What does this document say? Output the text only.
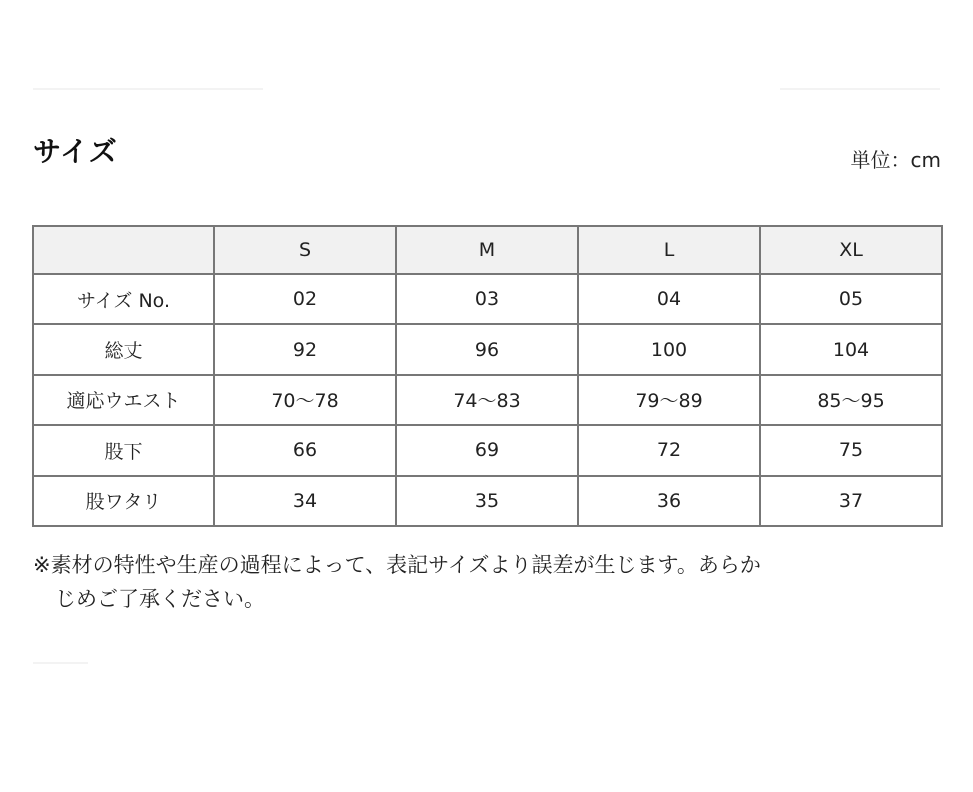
サイズ	単位：cm
	S	M	L	XL
サイズ No.	02	03	04	05
総丈	92	96	100	104
適応ウエスト	70～78	74～83	79～89	85～95
股下	66	69	72	75
股ワタリ	34	35	36	37
※素材の特性や生産の過程によって、表記サイズより誤差が生じます。あらか
じめご了承ください。
